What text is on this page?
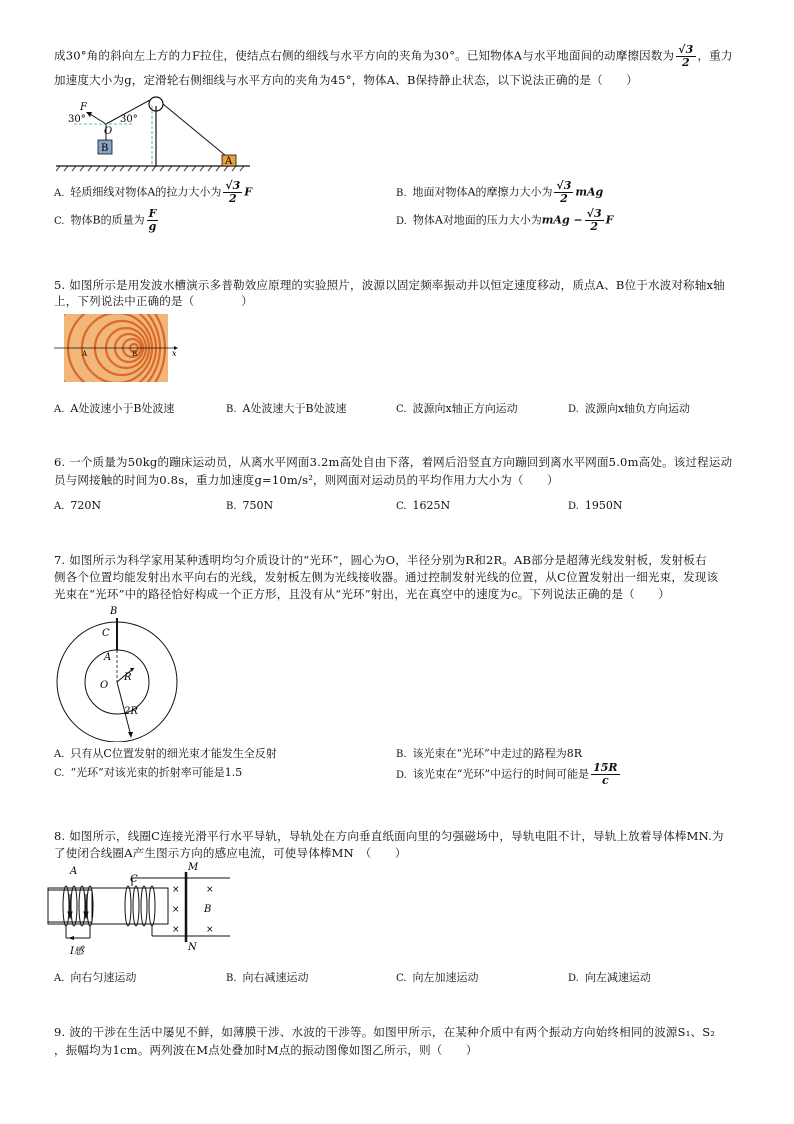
成30°角的斜向左上方的力F拉住，使结点右侧的细线与水平方向的夹角为30°。已知物体A与水平地面间的动摩擦因数为 $\frac{√3}{2}$ ，重力
加速度大小为g，定滑轮右侧细线与水平方向的夹角为45°，物体A、B保持静止状态，以下说法正确的是（　　）
F
30°	30°
O
B
A
A. 轻质细线对物体A的拉力大小为 $\frac{√3}{2}$ F	B. 地面对物体A的摩擦力大小为 $\frac{√3}{2}$ mAg
C. 物体B的质量为 $\frac{F}{g}$	D. 物体A对地面的压力大小为mAg − $\frac{√3}{2}$ F
5. 如图所示是用发波水槽演示多普勒效应原理的实验照片，波源以固定频率振动并以恒定速度移动，质点A、B位于水波对称轴x轴
上，下列说法中正确的是（　　　　）
x
A	B
A. A处波速小于B处波速	B. A处波速大于B处波速	C. 波源向x轴正方向运动	D. 波源向x轴负方向运动
6. 一个质量为50kg的蹦床运动员，从离水平网面3.2m高处自由下落，着网后沿竖直方向蹦回到离水平网面5.0m高处。该过程运动
员与网接触的时间为0.8s，重力加速度g=10m/s²，则网面对运动员的平均作用力大小为（　　）
A. 720N	B. 750N	C. 1625N	D. 1950N
7. 如图所示为科学家用某种透明均匀介质设计的“光环”，圆心为O，半径分别为R和2R。AB部分是超薄光线发射板，发射板右
侧各个位置均能发射出水平向右的光线，发射板左侧为光线接收器。通过控制发射光线的位置，从C位置发射出一细光束，发现该
光束在“光环”中的路径恰好构成一个正方形，且没有从“光环”射出，光在真空中的速度为c。下列说法正确的是（　　）
B
C
A
O
R
2R
A. 只有从C位置发射的细光束才能发生全反射	B. 该光束在“光环”中走过的路程为8R
C. “光环”对该光束的折射率可能是1.5	D. 该光束在“光环”中运行的时间可能是 $\frac{15R}{c}$
8. 如图所示，线圈C连接光滑平行水平导轨，导轨处在方向垂直纸面向里的匀强磁场中，导轨电阻不计，导轨上放着导体棒MN.为
了使闭合线圈A产生图示方向的感应电流，可使导体棒MN　（　　）
I感
M
N
×
×
×
×
×
B
A
C
A. 向右匀速运动	B. 向右减速运动	C. 向左加速运动	D. 向左减速运动
9. 波的干涉在生活中屡见不鲜，如薄膜干涉、水波的干涉等。如图甲所示，在某种介质中有两个振动方向始终相同的波源S₁、S₂
，振幅均为1cm。两列波在M点处叠加时M点的振动图像如图乙所示，则（　　）
